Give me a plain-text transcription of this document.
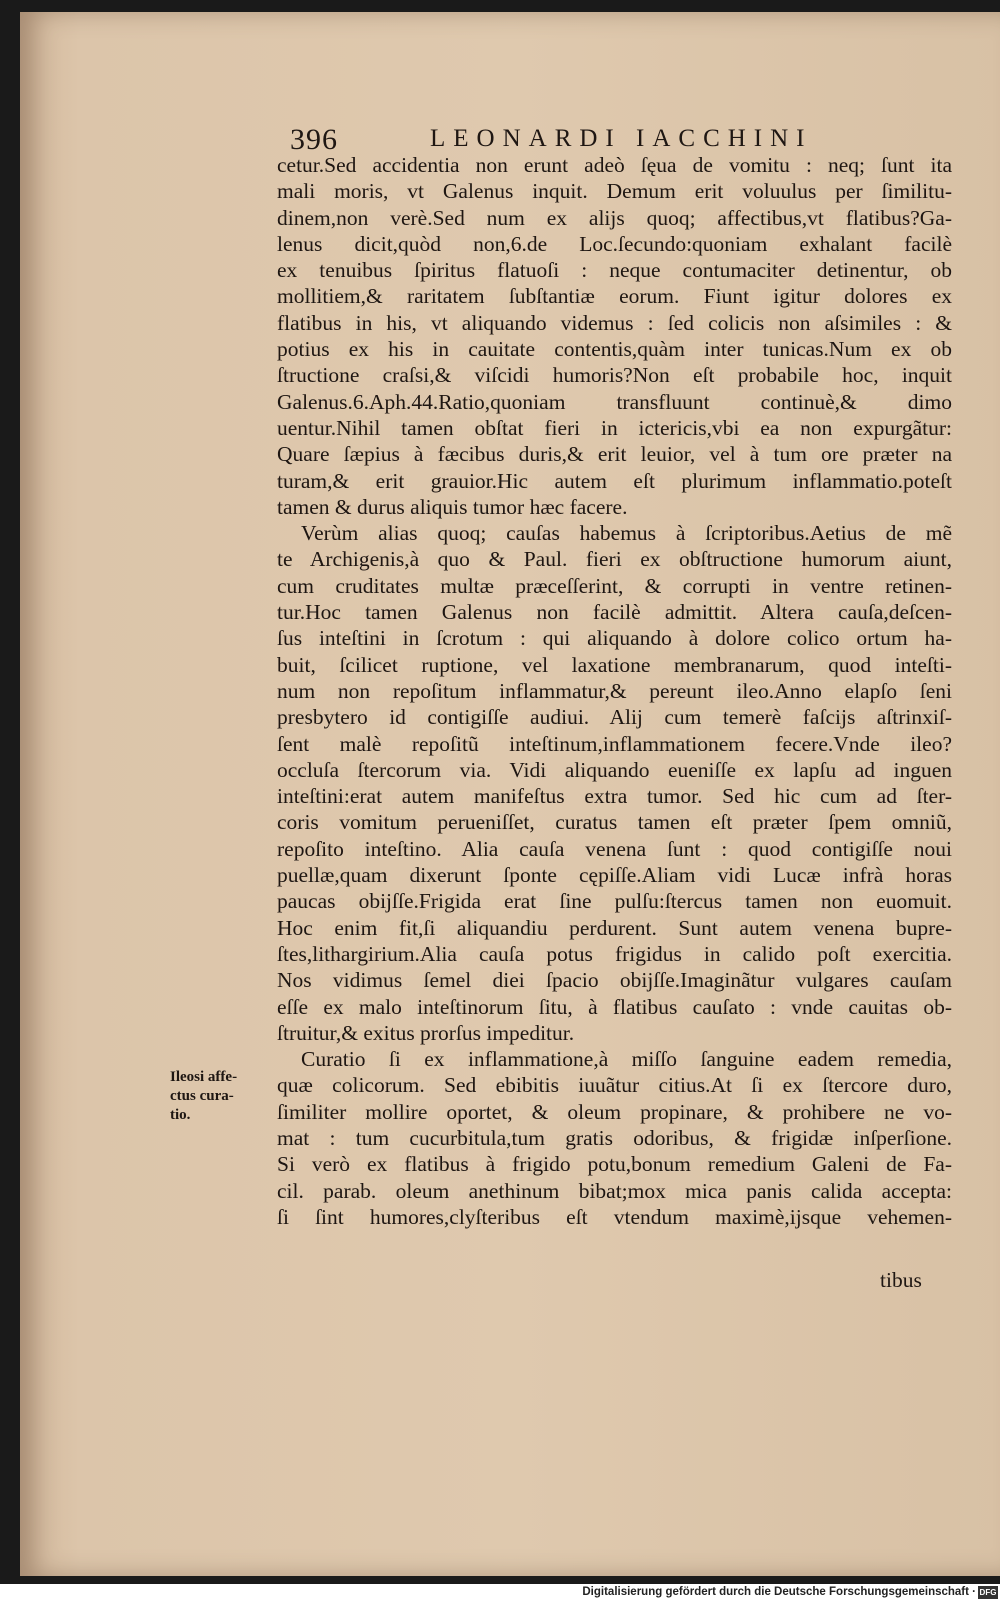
396	LEONARDI IACCHINI
cetur.Sed accidentia non erunt adeò ſęua de vomitu : neq; ſunt ita
mali moris, vt Galenus inquit. Demum erit voluulus per ſimilitu-
dinem,non verè.Sed num ex alijs quoq; affectibus,vt flatibus?Ga-
lenus dicit,quòd non,6.de Loc.ſecundo:quoniam exhalant facilè
ex tenuibus ſpiritus flatuoſi : neque contumaciter detinentur, ob
mollitiem,& raritatem ſubſtantiæ eorum. Fiunt igitur dolores ex
flatibus in his, vt aliquando videmus : ſed colicis non aſsimiles : &
potius ex his in cauitate contentis,quàm inter tunicas.Num ex ob
ſtructione craſsi,& viſcidi humoris?Non eſt probabile hoc, inquit
Galenus.6.Aph.44.Ratio,quoniam transfluunt continuè,& dimo
uentur.Nihil tamen obſtat fieri in ictericis,vbi ea non expurgãtur:
Quare ſæpius à fæcibus duris,& erit leuior, vel à tum ore præter na
turam,& erit grauior.Hic autem eſt plurimum inflammatio.poteſt
tamen & durus aliquis tumor hæc facere.
Verùm alias quoq; cauſas habemus à ſcriptoribus.Aetius de mẽ
te Archigenis,à quo & Paul. fieri ex obſtructione humorum aiunt,
cum cruditates multæ præceſſerint, & corrupti in ventre retinen-
tur.Hoc tamen Galenus non facilè admittit. Altera cauſa,deſcen-
ſus inteſtini in ſcrotum : qui aliquando à dolore colico ortum ha-
buit, ſcilicet ruptione, vel laxatione membranarum, quod inteſti-
num non repoſitum inflammatur,& pereunt ileo.Anno elapſo ſeni
presbytero id contigiſſe audiui. Alij cum temerè faſcijs aſtrinxiſ-
ſent malè repoſitũ inteſtinum,inflammationem fecere.Vnde ileo?
occluſa ſtercorum via. Vidi aliquando eueniſſe ex lapſu ad inguen
inteſtini:erat autem manifeſtus extra tumor. Sed hic cum ad ſter-
coris vomitum perueniſſet, curatus tamen eſt præter ſpem omniũ,
repoſito inteſtino. Alia cauſa venena ſunt : quod contigiſſe noui
puellæ,quam dixerunt ſponte cępiſſe.Aliam vidi Lucæ infrà horas
paucas obijſſe.Frigida erat ſine pulſu:ſtercus tamen non euomuit.
Hoc enim fit,ſi aliquandiu perdurent. Sunt autem venena bupre-
ſtes,lithargirium.Alia cauſa potus frigidus in calido poſt exercitia.
Nos vidimus ſemel diei ſpacio obijſſe.Imaginãtur vulgares cauſam
eſſe ex malo inteſtinorum ſitu, à flatibus cauſato : vnde cauitas ob-
ſtruitur,& exitus prorſus impeditur.
Curatio ſi ex inflammatione,à miſſo ſanguine eadem remedia,
quæ colicorum. Sed ebibitis iuuãtur citius.At ſi ex ſtercore duro,
ſimiliter mollire oportet, & oleum propinare, & prohibere ne vo-
mat : tum cucurbitula,tum gratis odoribus, & frigidæ inſperſione.
Si verò ex flatibus à frigido potu,bonum remedium Galeni de Fa-
cil. parab. oleum anethinum bibat;mox mica panis calida accepta:
ſi ſint humores,clyſteribus eſt vtendum maximè,ijsque vehemen-
Ileosi affe-
ctus cura-
tio.
tibus
Digitalisierung gefördert durch die Deutsche Forschungsgemeinschaft · DFG
